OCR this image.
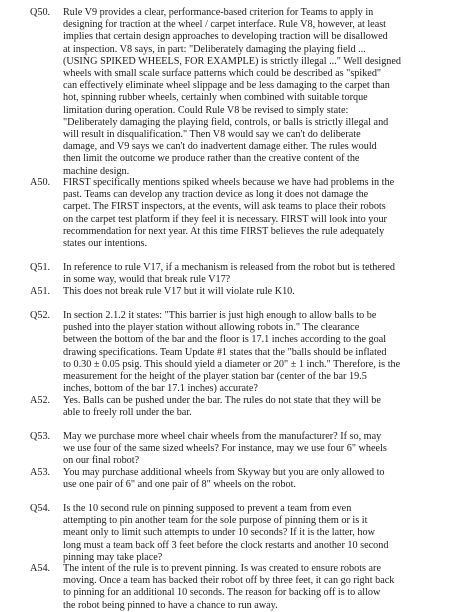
Q50. Rule V9 provides a clear, performance-based criterion for Teams to apply in
designing for traction at the wheel / carpet interface. Rule V8, however, at least
implies that certain design approaches to developing traction will be disallowed
at inspection. V8 says, in part: "Deliberately damaging the playing field ...
(USING SPIKED WHEELS, FOR EXAMPLE) is strictly illegal ..." Well designed
wheels with small scale surface patterns which could be described as "spiked"
can effectively eliminate wheel slippage and be less damaging to the carpet than
hot, spinning rubber wheels, certainly when combined with suitable torque
limitation during operation. Could Rule V8 be revised to simply state:
"Deliberately damaging the playing field, controls, or balls is strictly illegal and
will result in disqualification." Then V8 would say we can't do deliberate
damage, and V9 says we can't do inadvertent damage either. The rules would
then limit the outcome we produce rather than the creative content of the
machine design.
A50. FIRST specifically mentions spiked wheels because we have had problems in the
past. Teams can develop any traction device as long it does not damage the
carpet. The FIRST inspectors, at the events, will ask teams to place their robots
on the carpet test platform if they feel it is necessary. FIRST will look into your
recommendation for next year. At this time FIRST believes the rule adequately
states our intentions.
Q51. In reference to rule V17, if a mechanism is released from the robot but is tethered
in some way, would that break rule V17?
A51. This does not break rule V17 but it will violate rule K10.
Q52. In section 2.1.2 it states: "This barrier is just high enough to allow balls to be
pushed into the player station without allowing robots in." The clearance
between the bottom of the bar and the floor is 17.1 inches according to the goal
drawing specifications. Team Update #1 states that the "balls should be inflated
to 0.30 ± 0.05 psig. This should yield a diameter or 20" ± 1 inch." Therefore, is the
measurement for the height of the player station bar (center of the bar 19.5
inches, bottom of the bar 17.1 inches) accurate?
A52. Yes. Balls can be pushed under the bar. The rules do not state that they will be
able to freely roll under the bar.
Q53. May we purchase more wheel chair wheels from the manufacturer? If so, may
we use four of the same sized wheels? For instance, may we use four 6" wheels
on our final robot?
A53. You may purchase additional wheels from Skyway but you are only allowed to
use one pair of 6" and one pair of 8" wheels on the robot.
Q54. Is the 10 second rule on pinning supposed to prevent a team from even
attempting to pin another team for the sole purpose of pinning them or is it
meant only to limit such attempts to under 10 seconds? If it is the latter, how
long must a team back off 3 feet before the clock restarts and another 10 second
pinning may take place?
A54. The intent of the rule is to prevent pinning. Is was created to ensure robots are
moving. Once a team has backed their robot off by three feet, it can go right back
to pinning for an additional 10 seconds. The reason for backing off is to allow
the robot being pinned to have a chance to run away.
